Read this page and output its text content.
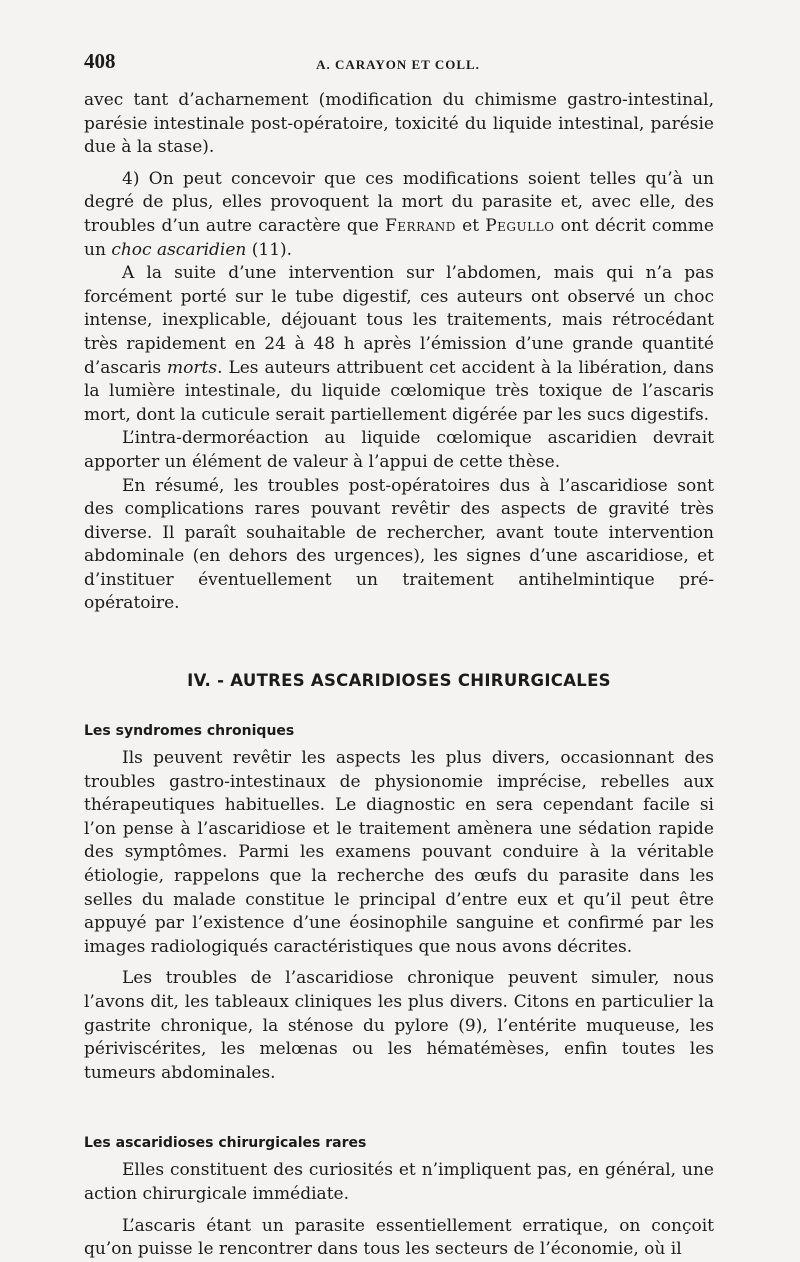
408	A. CARAYON ET COLL.

avec tant d’acharnement (modification du chimisme gastro-intestinal, parésie intestinale post-opératoire, toxicité du liquide intestinal, parésie due à la stase).

4) On peut concevoir que ces modifications soient telles qu’à un degré de plus, elles provoquent la mort du parasite et, avec elle, des troubles d’un autre caractère que Ferrand et Pegullo ont décrit comme un choc ascaridien (11).

A la suite d’une intervention sur l’abdomen, mais qui n’a pas forcément porté sur le tube digestif, ces auteurs ont observé un choc intense, inexplicable, déjouant tous les traitements, mais rétrocédant très rapidement en 24 à 48 h après l’émission d’une grande quantité d’ascaris morts. Les auteurs attribuent cet accident à la libération, dans la lumière intestinale, du liquide cœlomique très toxique de l’ascaris mort, dont la cuticule serait partiellement digérée par les sucs digestifs.

L’intra-dermoréaction au liquide cœlomique ascaridien devrait apporter un élément de valeur à l’appui de cette thèse.

En résumé, les troubles post-opératoires dus à l’ascaridiose sont des complications rares pouvant revêtir des aspects de gravité très diverse. Il paraît souhaitable de rechercher, avant toute intervention abdominale (en dehors des urgences), les signes d’une ascaridiose, et d’instituer éventuellement un traitement antihelmintique pré-opératoire.

IV. - AUTRES ASCARIDIOSES CHIRURGICALES
Les syndromes chroniques

Ils peuvent revêtir les aspects les plus divers, occasionnant des troubles gastro-intestinaux de physionomie imprécise, rebelles aux thérapeutiques habituelles. Le diagnostic en sera cependant facile si l’on pense à l’ascaridiose et le traitement amènera une sédation rapide des symptômes. Parmi les examens pouvant conduire à la véritable étiologie, rappelons que la recherche des œufs du parasite dans les selles du malade constitue le principal d’entre eux et qu’il peut être appuyé par l’existence d’une éosinophile sanguine et confirmé par les images radiologiqués caractéristiques que nous avons décrites.

Les troubles de l’ascaridiose chronique peuvent simuler, nous l’avons dit, les tableaux cliniques les plus divers. Citons en particulier la gastrite chronique, la sténose du pylore (9), l’entérite muqueuse, les périviscérites, les melœnas ou les hématémèses, enfin toutes les tumeurs abdominales.

Les ascaridioses chirurgicales rares

Elles constituent des curiosités et n’impliquent pas, en général, une action chirurgicale immédiate.

L’ascaris étant un parasite essentiellement erratique, on conçoit qu’on puisse le rencontrer dans tous les secteurs de l’économie, où il
